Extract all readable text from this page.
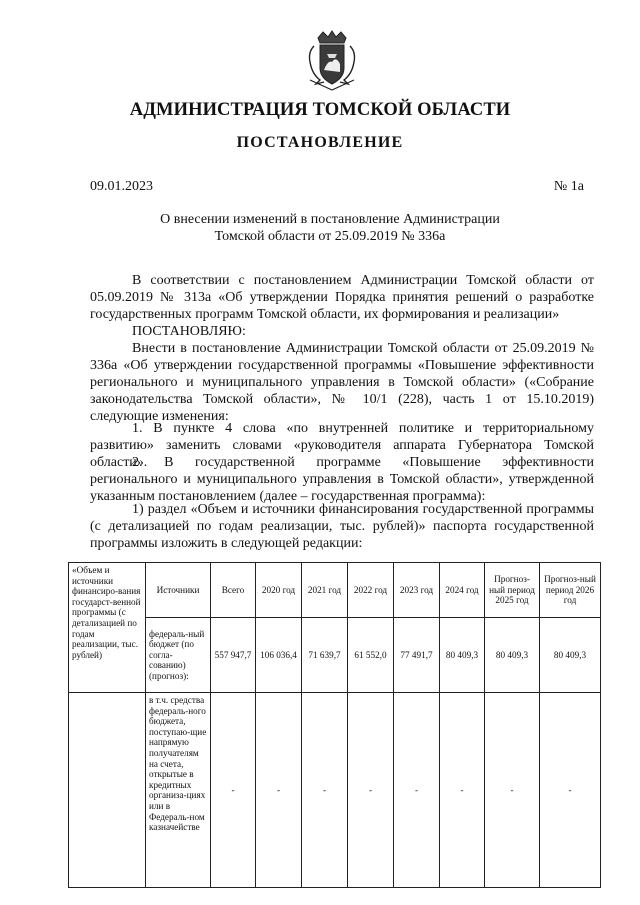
АДМИНИСТРАЦИЯ ТОМСКОЙ ОБЛАСТИ
ПОСТАНОВЛЕНИЕ
09.01.2023	№ 1а
О внесении изменений в постановление Администрации
Томской области от 25.09.2019 № 336а

В соответствии с постановлением Администрации Томской области от 05.09.2019 № 313а «Об утверждении Порядка принятия решений о разработке государственных программ Томской области, их формирования и реализации»

ПОСТАНОВЛЯЮ:

Внести в постановление Администрации Томской области от 25.09.2019 № 336а «Об утверждении государственной программы «Повышение эффективности регионального и муниципального управления в Томской области» («Собрание законодательства Томской области», № 10/1 (228), часть 1 от 15.10.2019) следующие изменения:

1. В пункте 4 слова «по внутренней политике и территориальному развитию» заменить словами «руководителя аппарата Губернатора Томской области».

2. В государственной программе «Повышение эффективности регионального и муниципального управления в Томской области», утвержденной указанным постановлением (далее – государственная программа):

1) раздел «Объем и источники финансирования государственной программы (с детализацией по годам реализации, тыс. рублей)» паспорта государственной программы изложить в следующей редакции:

«Объем и источники финансиро-вания государст-венной программы (с детализацией по годам реализации, тыс. рублей)	Источники	Всего	2020 год	2021 год	2022 год	2023 год	2024 год	Прогноз-ный период 2025 год	Прогноз-ный период 2026 год
	федераль-ный бюджет (по согла-сованию) (прогноз):	557 947,7	106 036,4	71 639,7	61 552,0	77 491,7	80 409,3	80 409,3	80 409,3
	в т.ч. средства федераль-ного бюджета, поступаю-щие напрямую получателям на счета, открытые в кредитных организа-циях или в Федераль-ном казначействе	-	-	-	-	-	-	-	-
